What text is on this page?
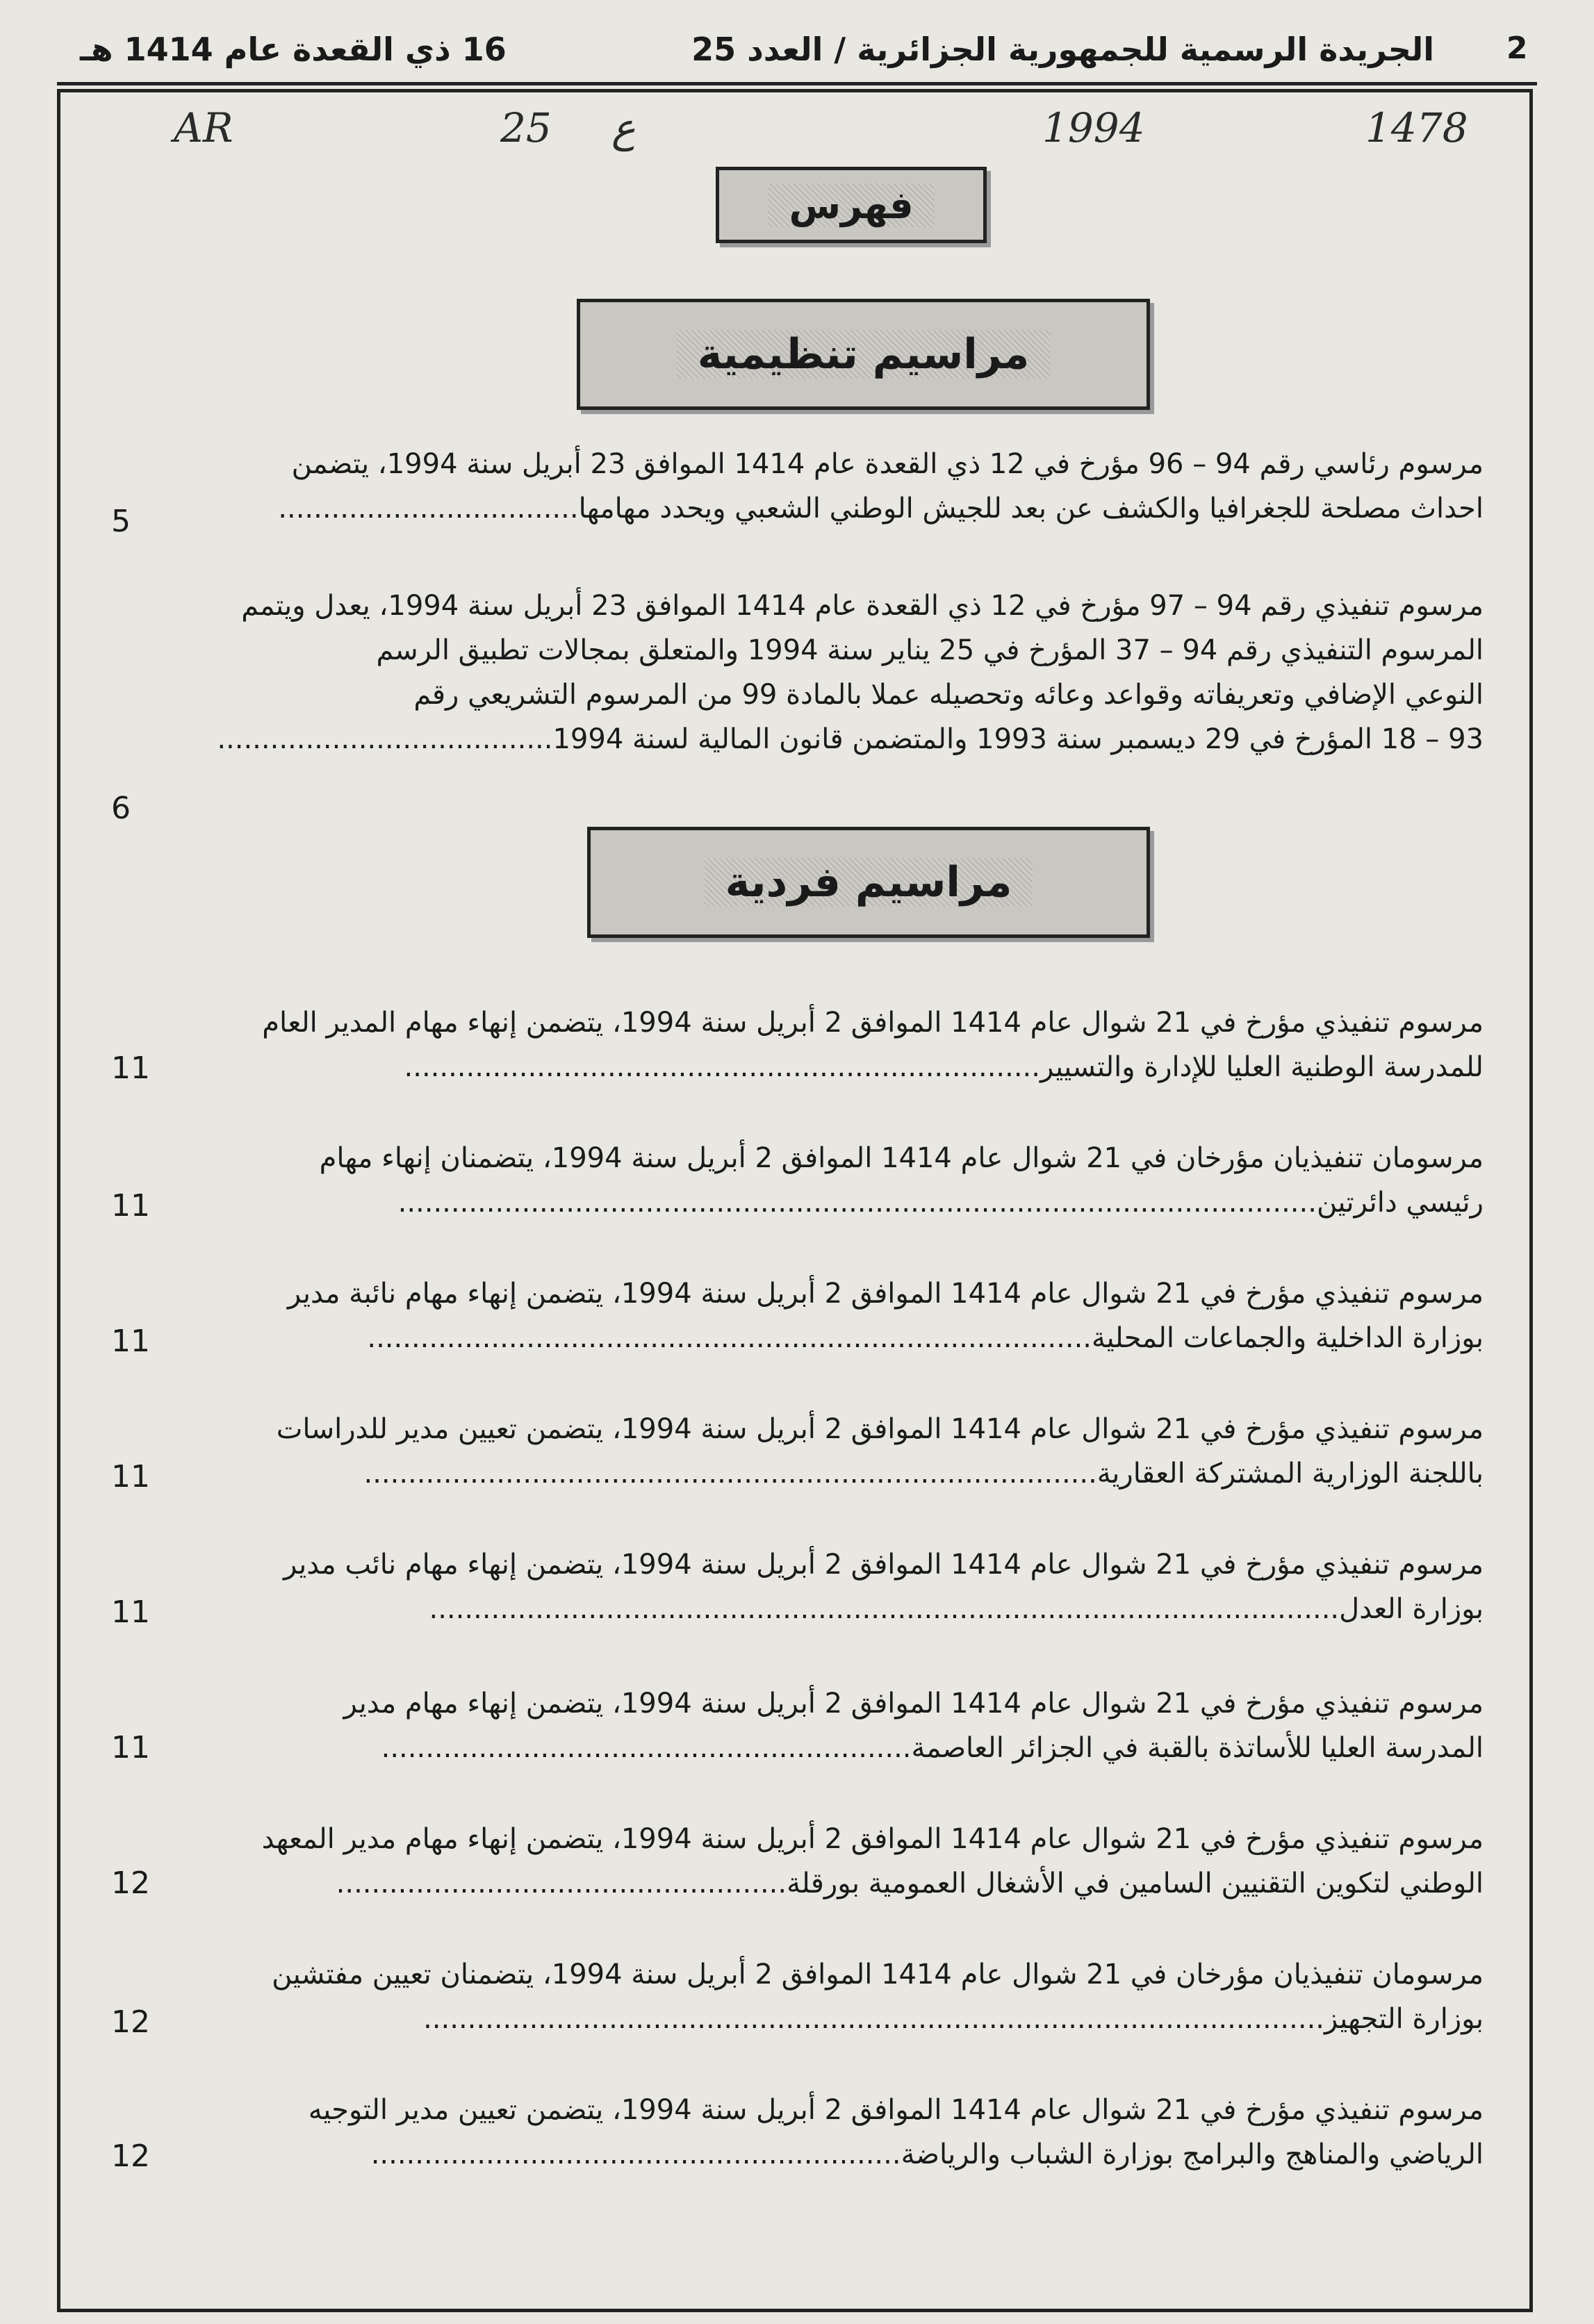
2
الجريدة الرسمية للجمهورية الجزائرية / العدد 25
16 ذي القعدة عام 1414 هـ
1478
1994
ع
25
AR
فهرس
مراسيم تنظيمية

مرسوم رئاسي رقم 94 – 96 مؤرخ في 12 ذي القعدة عام 1414 الموافق 23 أبريل سنة 1994، يتضمن

احداث مصلحة للجغرافيا والكشف عن بعد للجيش الوطني الشعبي ويحدد مهامها..................................

5

مرسوم تنفيذي رقم 94 – 97 مؤرخ في 12 ذي القعدة عام 1414 الموافق 23 أبريل سنة 1994، يعدل ويتمم

المرسوم التنفيذي رقم 94 – 37 المؤرخ في 25 يناير سنة 1994 والمتعلق بمجالات تطبيق الرسم

النوعي الإضافي وتعريفاته وقواعد وعائه وتحصيله عملا بالمادة 99 من المرسوم التشريعي رقم

93 – 18 المؤرخ في 29 ديسمبر سنة 1993 والمتضمن قانون المالية لسنة 1994......................................

6
مراسيم فردية

مرسوم تنفيذي مؤرخ في 21 شوال عام 1414 الموافق 2 أبريل سنة 1994، يتضمن إنهاء مهام المدير العام

للمدرسة الوطنية العليا للإدارة والتسيير........................................................................

11

مرسومان تنفيذيان مؤرخان في 21 شوال عام 1414 الموافق 2 أبريل سنة 1994، يتضمنان إنهاء مهام

رئيسي دائرتين........................................................................................................

11

مرسوم تنفيذي مؤرخ في 21 شوال عام 1414 الموافق 2 أبريل سنة 1994، يتضمن إنهاء مهام نائبة مدير

بوزارة الداخلية والجماعات المحلية..................................................................................

11

مرسوم تنفيذي مؤرخ في 21 شوال عام 1414 الموافق 2 أبريل سنة 1994، يتضمن تعيين مدير للدراسات

باللجنة الوزارية المشتركة العقارية...................................................................................

11

مرسوم تنفيذي مؤرخ في 21 شوال عام 1414 الموافق 2 أبريل سنة 1994، يتضمن إنهاء مهام نائب مدير

بوزارة العدل.......................................................................................................

11

مرسوم تنفيذي مؤرخ في 21 شوال عام 1414 الموافق 2 أبريل سنة 1994، يتضمن إنهاء مهام مدير

المدرسة العليا للأساتذة بالقبة في الجزائر العاصمة............................................................

11

مرسوم تنفيذي مؤرخ في 21 شوال عام 1414 الموافق 2 أبريل سنة 1994، يتضمن إنهاء مهام مدير المعهد

الوطني لتكوين التقنيين السامين في الأشغال العمومية بورقلة...................................................

12

مرسومان تنفيذيان مؤرخان في 21 شوال عام 1414 الموافق 2 أبريل سنة 1994، يتضمنان تعيين مفتشين

بوزارة التجهيز......................................................................................................

12

مرسوم تنفيذي مؤرخ في 21 شوال عام 1414 الموافق 2 أبريل سنة 1994، يتضمن تعيين مدير التوجيه

الرياضي والمناهج والبرامج بوزارة الشباب والرياضة............................................................

12
